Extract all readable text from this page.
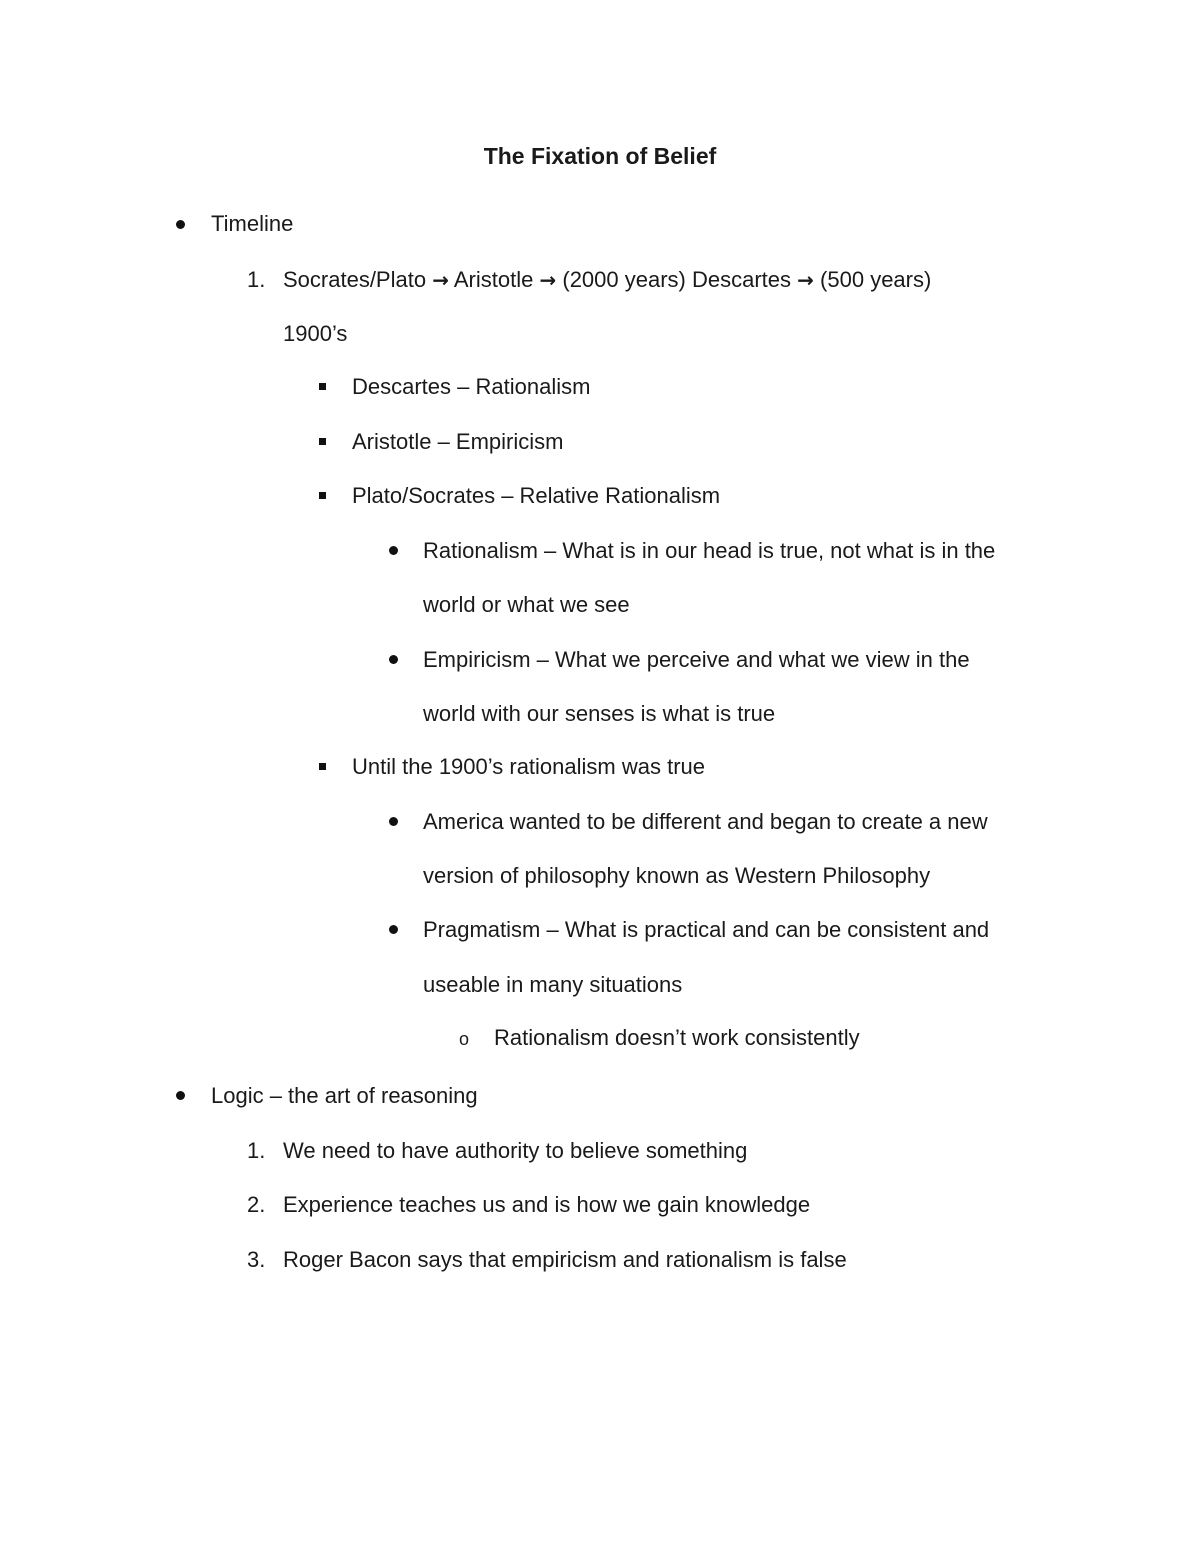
The Fixation of Belief
Timeline
1. Socrates/Plato → Aristotle → (2000 years) Descartes → (500 years)
1900’s
Descartes – Rationalism
Aristotle – Empiricism
Plato/Socrates – Relative Rationalism
Rationalism – What is in our head is true, not what is in the
world or what we see
Empiricism – What we perceive and what we view in the
world with our senses is what is true
Until the 1900’s rationalism was true
America wanted to be different and began to create a new
version of philosophy known as Western Philosophy
Pragmatism – What is practical and can be consistent and
useable in many situations
o Rationalism doesn’t work consistently
Logic – the art of reasoning
1. We need to have authority to believe something
2. Experience teaches us and is how we gain knowledge
3. Roger Bacon says that empiricism and rationalism is false
